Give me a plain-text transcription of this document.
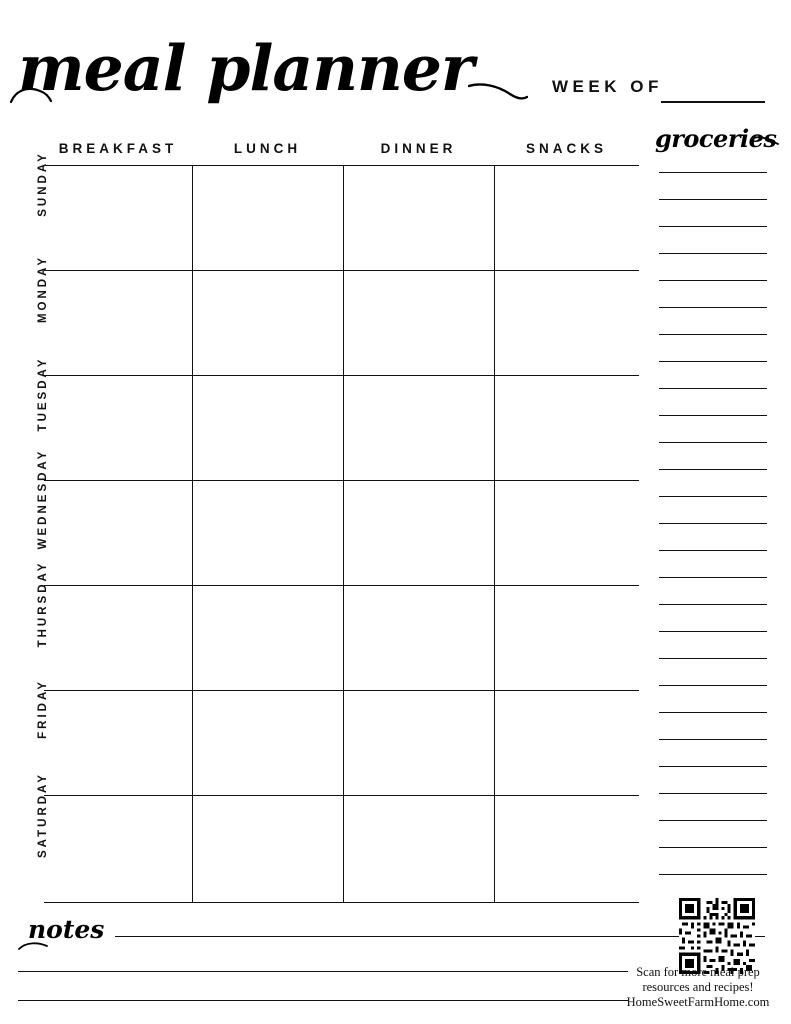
meal planner	WEEK OF
BREAKFAST	LUNCH	DINNER	SNACKS
SUNDAY
MONDAY
TUESDAY
WEDNESDAY
THURSDAY
FRIDAY
SATURDAY
groceries
notes
Scan for more meal prep
resources and recipes!
HomeSweetFarmHome.com
